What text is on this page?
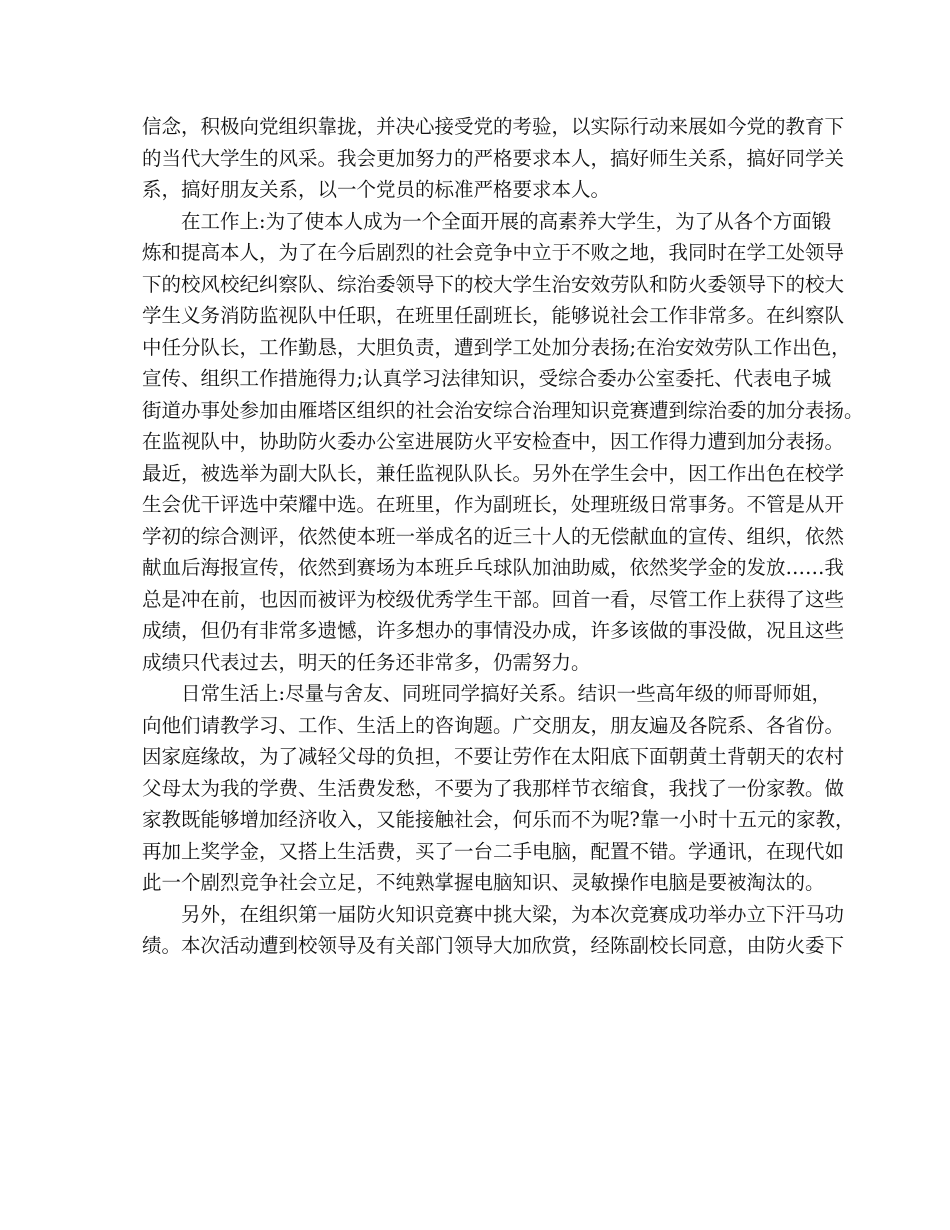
信念，积极向党组织靠拢，并决心接受党的考验，以实际行动来展如今党的教育下
的当代大学生的风采。我会更加努力的严格要求本人，搞好师生关系，搞好同学关
系，搞好朋友关系，以一个党员的标准严格要求本人。
在工作上:为了使本人成为一个全面开展的高素养大学生，为了从各个方面锻
炼和提高本人，为了在今后剧烈的社会竞争中立于不败之地，我同时在学工处领导
下的校风校纪纠察队、综治委领导下的校大学生治安效劳队和防火委领导下的校大
学生义务消防监视队中任职，在班里任副班长，能够说社会工作非常多。在纠察队
中任分队长，工作勤恳，大胆负责，遭到学工处加分表扬;在治安效劳队工作出色，
宣传、组织工作措施得力;认真学习法律知识，受综合委办公室委托、代表电子城
街道办事处参加由雁塔区组织的社会治安综合治理知识竞赛遭到综治委的加分表扬。
在监视队中，协助防火委办公室进展防火平安检查中，因工作得力遭到加分表扬。
最近，被选举为副大队长，兼任监视队队长。另外在学生会中，因工作出色在校学
生会优干评选中荣耀中选。在班里，作为副班长，处理班级日常事务。不管是从开
学初的综合测评，依然使本班一举成名的近三十人的无偿献血的宣传、组织，依然
献血后海报宣传，依然到赛场为本班乒乓球队加油助威，依然奖学金的发放……我
总是冲在前，也因而被评为校级优秀学生干部。回首一看，尽管工作上获得了这些
成绩，但仍有非常多遗憾，许多想办的事情没办成，许多该做的事没做，况且这些
成绩只代表过去，明天的任务还非常多，仍需努力。
日常生活上:尽量与舍友、同班同学搞好关系。结识一些高年级的师哥师姐，
向他们请教学习、工作、生活上的咨询题。广交朋友，朋友遍及各院系、各省份。
因家庭缘故，为了减轻父母的负担，不要让劳作在太阳底下面朝黄土背朝天的农村
父母太为我的学费、生活费发愁，不要为了我那样节衣缩食，我找了一份家教。做
家教既能够增加经济收入，又能接触社会，何乐而不为呢?靠一小时十五元的家教，
再加上奖学金，又搭上生活费，买了一台二手电脑，配置不错。学通讯，在现代如
此一个剧烈竞争社会立足，不纯熟掌握电脑知识、灵敏操作电脑是要被淘汰的。
另外，在组织第一届防火知识竞赛中挑大梁，为本次竞赛成功举办立下汗马功
绩。本次活动遭到校领导及有关部门领导大加欣赏，经陈副校长同意，由防火委下
